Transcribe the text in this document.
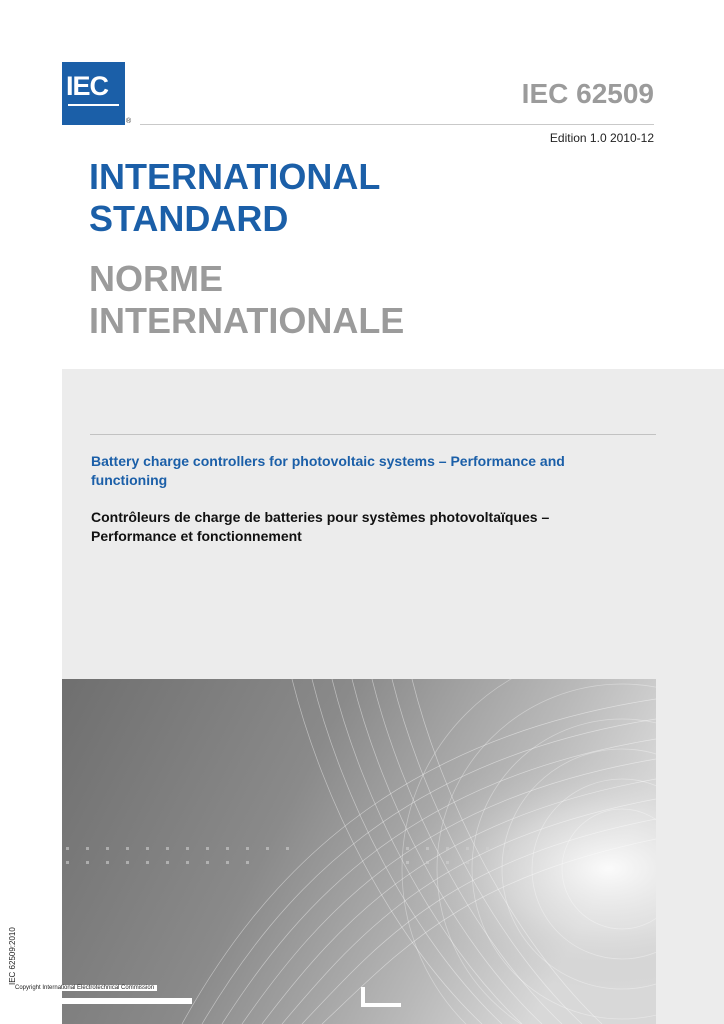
IEC
®
IEC 62509
Edition 1.0 2010-12
INTERNATIONAL
STANDARD
NORME
INTERNATIONALE
Battery charge controllers for photovoltaic systems – Performance and functioning
Contrôleurs de charge de batteries pour systèmes photovoltaïques – Performance et fonctionnement
IEC 62509:2010
Copyright International Electrotechnical Commission
